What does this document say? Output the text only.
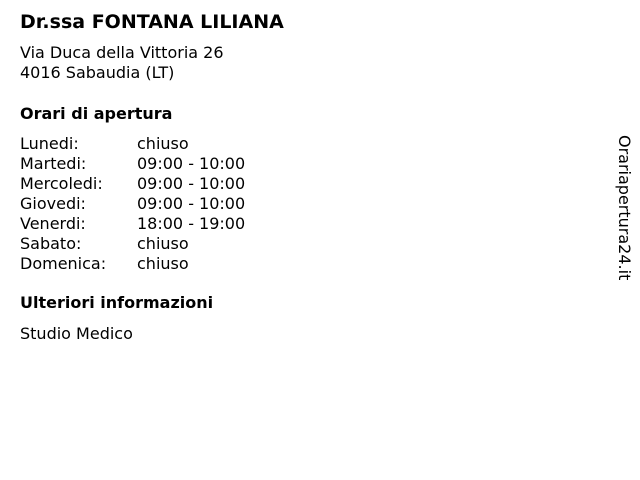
Dr.ssa FONTANA LILIANA
Via Duca della Vittoria 26
4016 Sabaudia (LT)
Orari di apertura
Lunedi:	chiuso
Martedi:	09:00 - 10:00
Mercoledi: 09:00 - 10:00
Giovedi:	09:00 - 10:00
Venerdi:	18:00 - 19:00
Sabato:	chiuso
Domenica: chiuso
Ulteriori informazioni
Studio Medico
Orariapertura24.it
